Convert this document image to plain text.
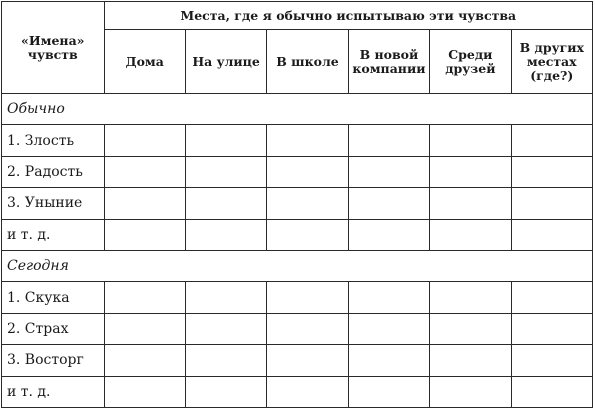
«Имена» чувств	Места, где я обычно испытываю эти чувства					

	Дома	На улице	В школе	В новой компании	Среди друзей	В других местах (где?)

Обычно						
1. Злость						
2. Радость						
3. Уныние						
и т. д.						
Сегодня						
1. Скука						
2. Страх						
3. Восторг						
и т. д.						
